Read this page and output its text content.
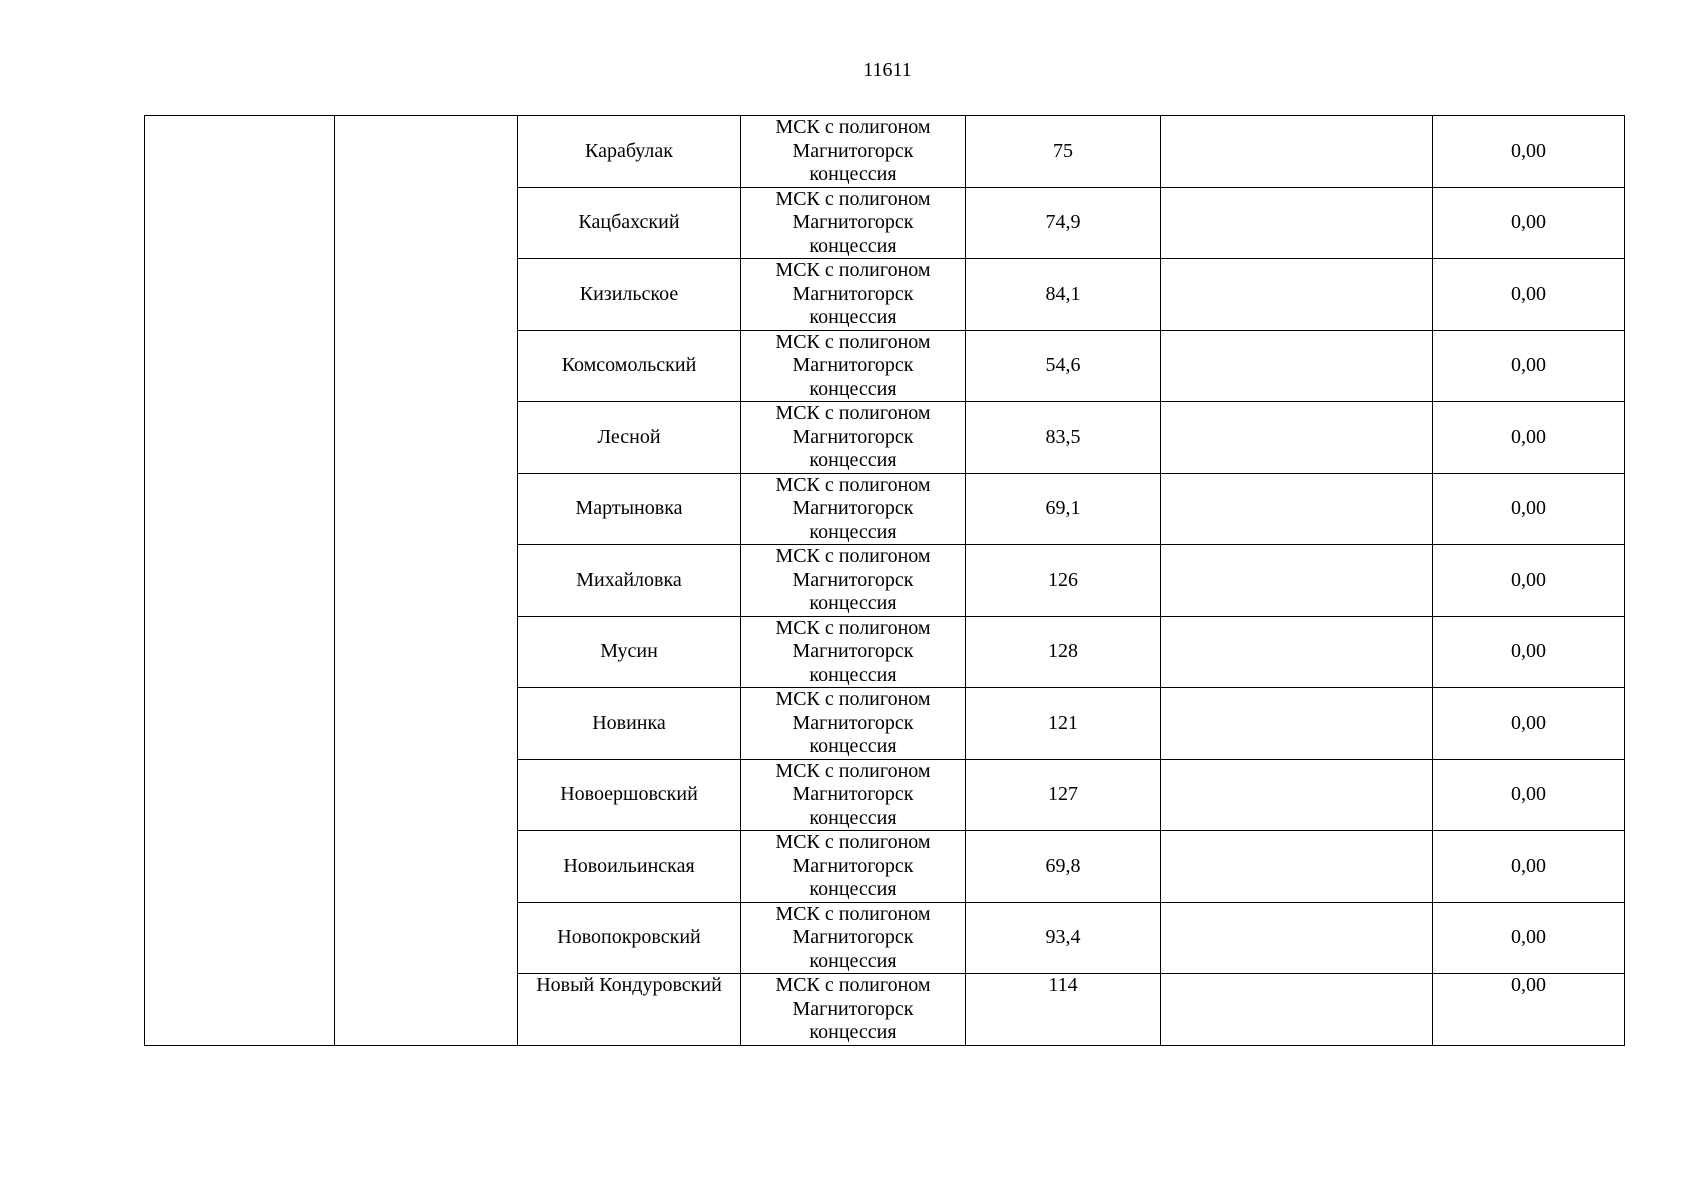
11611
		Карабулак	МСК с полигоном
Магнитогорск
концессия	75		0,00
		Кацбахский	МСК с полигоном
Магнитогорск
концессия	74,9		0,00
		Кизильское	МСК с полигоном
Магнитогорск
концессия	84,1		0,00
		Комсомольский	МСК с полигоном
Магнитогорск
концессия	54,6		0,00
		Лесной	МСК с полигоном
Магнитогорск
концессия	83,5		0,00
		Мартыновка	МСК с полигоном
Магнитогорск
концессия	69,1		0,00
		Михайловка	МСК с полигоном
Магнитогорск
концессия	126		0,00
		Мусин	МСК с полигоном
Магнитогорск
концессия	128		0,00
		Новинка	МСК с полигоном
Магнитогорск
концессия	121		0,00
		Новоершовский	МСК с полигоном
Магнитогорск
концессия	127		0,00
		Новоильинская	МСК с полигоном
Магнитогорск
концессия	69,8		0,00
		Новопокровский	МСК с полигоном
Магнитогорск
концессия	93,4		0,00

		Новый Кондуровский	МСК с полигоном
Магнитогорск
концессия	114		0,00
